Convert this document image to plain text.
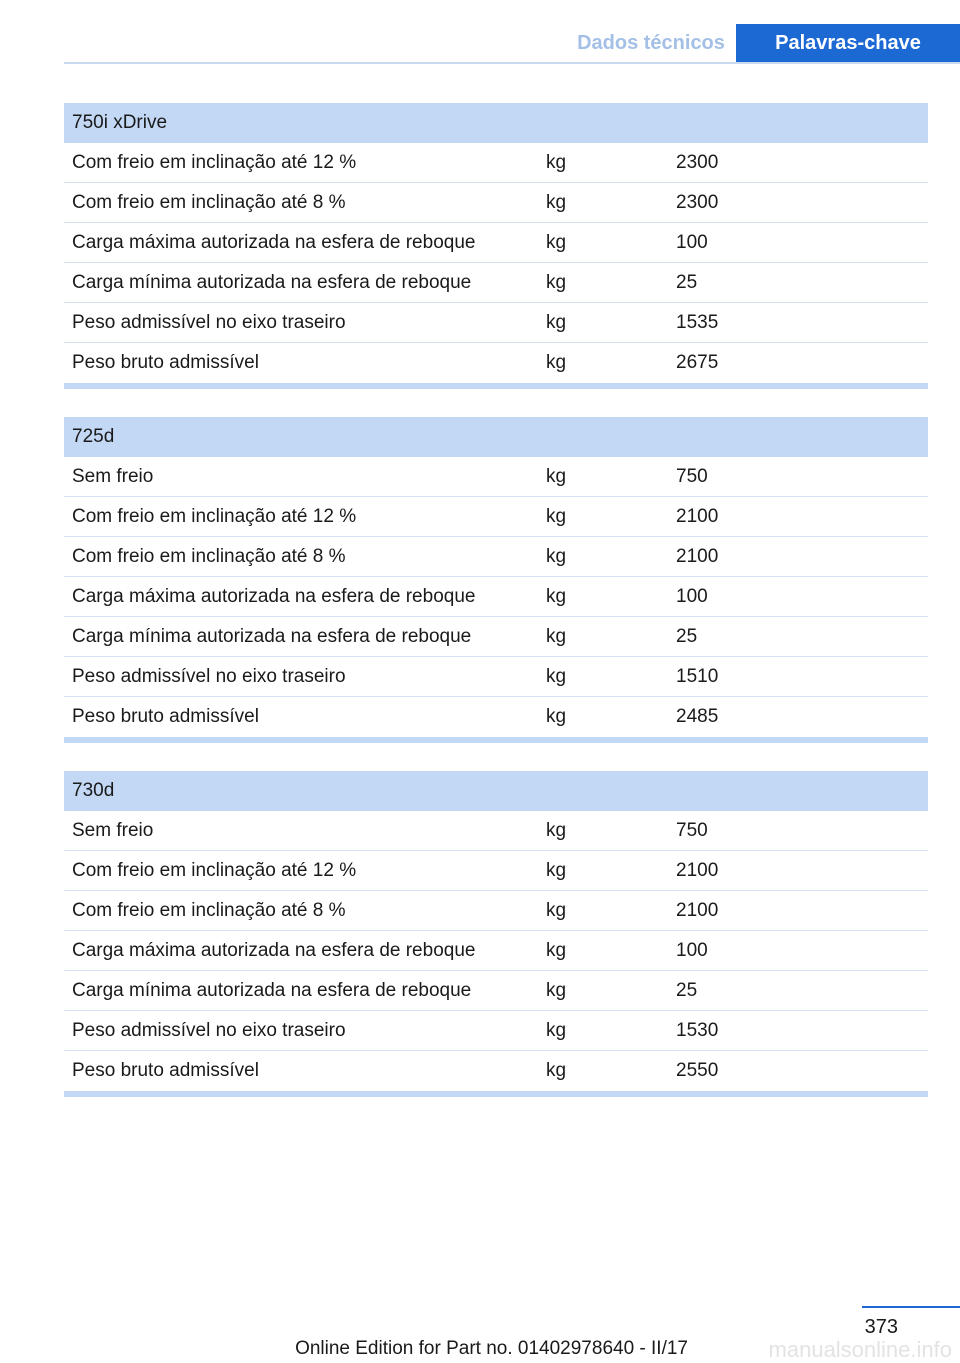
Dados técnicos	Palavras-chave
750i xDrive
Com freio em inclinação até 12 %	kg	2300
Com freio em inclinação até 8 %	kg	2300
Carga máxima autorizada na esfera de reboque	kg	100
Carga mínima autorizada na esfera de reboque	kg	25
Peso admissível no eixo traseiro	kg	1535
Peso bruto admissível	kg	2675
725d
Sem freio	kg	750
Com freio em inclinação até 12 %	kg	2100
Com freio em inclinação até 8 %	kg	2100
Carga máxima autorizada na esfera de reboque	kg	100
Carga mínima autorizada na esfera de reboque	kg	25
Peso admissível no eixo traseiro	kg	1510
Peso bruto admissível	kg	2485
730d
Sem freio	kg	750
Com freio em inclinação até 12 %	kg	2100
Com freio em inclinação até 8 %	kg	2100
Carga máxima autorizada na esfera de reboque	kg	100
Carga mínima autorizada na esfera de reboque	kg	25
Peso admissível no eixo traseiro	kg	1530
Peso bruto admissível	kg	2550
373
Online Edition for Part no. 01402978640 - II/17	manualsonline.info
